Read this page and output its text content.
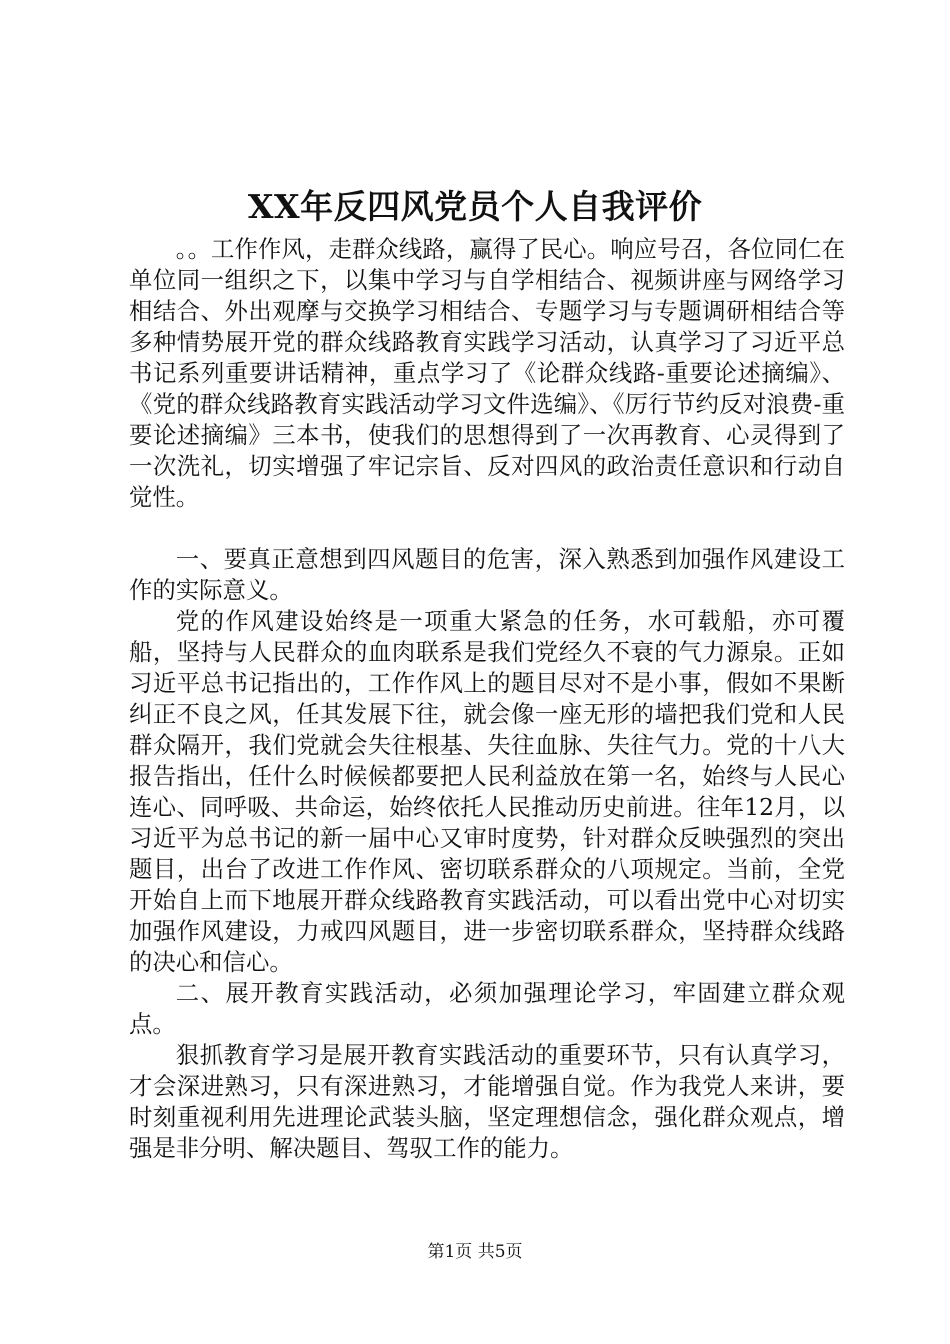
XX年反四风党员个人自我评价

。。工作作风，走群众线路，赢得了民心。响应号召，各位同仁在单位同一组织之下，以集中学习与自学相结合、视频讲座与网络学习相结合、外出观摩与交换学习相结合、专题学习与专题调研相结合等多种情势展开党的群众线路教育实践学习活动，认真学习了习近平总书记系列重要讲话精神，重点学习了《论群众线路-重要论述摘编》、《党的群众线路教育实践活动学习文件选编》、《厉行节约反对浪费-重要论述摘编》三本书，使我们的思想得到了一次再教育、心灵得到了一次洗礼，切实增强了牢记宗旨、反对四风的政治责任意识和行动自觉性。

一、要真正意想到四风题目的危害，深入熟悉到加强作风建设工作的实际意义。

党的作风建设始终是一项重大紧急的任务，水可载船，亦可覆船，坚持与人民群众的血肉联系是我们党经久不衰的气力源泉。正如习近平总书记指出的，工作作风上的题目尽对不是小事，假如不果断纠正不良之风，任其发展下往，就会像一座无形的墙把我们党和人民群众隔开，我们党就会失往根基、失往血脉、失往气力。党的十八大报告指出，任什么时候候都要把人民利益放在第一名，始终与人民心连心、同呼吸、共命运，始终依托人民推动历史前进。往年12月，以习近平为总书记的新一届中心又审时度势，针对群众反映强烈的突出题目，出台了改进工作作风、密切联系群众的八项规定。当前，全党开始自上而下地展开群众线路教育实践活动，可以看出党中心对切实加强作风建设，力戒四风题目，进一步密切联系群众，坚持群众线路的决心和信心。

二、展开教育实践活动，必须加强理论学习，牢固建立群众观点。

狠抓教育学习是展开教育实践活动的重要环节，只有认真学习，才会深进熟习，只有深进熟习，才能增强自觉。作为我党人来讲，要时刻重视利用先进理论武装头脑，坚定理想信念，强化群众观点，增强是非分明、解决题目、驾驭工作的能力。

第1页 共5页
